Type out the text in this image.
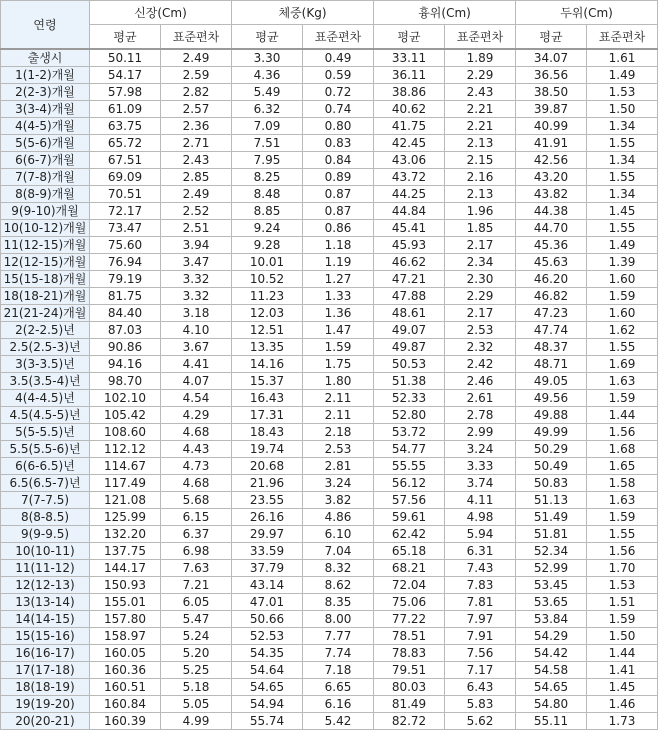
연령	신장(Cm)		체중(Kg)		흉위(Cm)		두위(Cm)	
	평균	표준편차	평균	표준편차	평균	표준편차	평균	표준편차
출생시	50.11	2.49	3.30	0.49	33.11	1.89	34.07	1.61
1(1-2)개월	54.17	2.59	4.36	0.59	36.11	2.29	36.56	1.49
2(2-3)개월	57.98	2.82	5.49	0.72	38.86	2.43	38.50	1.53
3(3-4)개월	61.09	2.57	6.32	0.74	40.62	2.21	39.87	1.50
4(4-5)개월	63.75	2.36	7.09	0.80	41.75	2.21	40.99	1.34
5(5-6)개월	65.72	2.71	7.51	0.83	42.45	2.13	41.91	1.55
6(6-7)개월	67.51	2.43	7.95	0.84	43.06	2.15	42.56	1.34
7(7-8)개월	69.09	2.85	8.25	0.89	43.72	2.16	43.20	1.55
8(8-9)개월	70.51	2.49	8.48	0.87	44.25	2.13	43.82	1.34
9(9-10)개월	72.17	2.52	8.85	0.87	44.84	1.96	44.38	1.45
10(10-12)개월	73.47	2.51	9.24	0.86	45.41	1.85	44.70	1.55
11(12-15)개월	75.60	3.94	9.28	1.18	45.93	2.17	45.36	1.49
12(12-15)개월	76.94	3.47	10.01	1.19	46.62	2.34	45.63	1.39
15(15-18)개월	79.19	3.32	10.52	1.27	47.21	2.30	46.20	1.60
18(18-21)개월	81.75	3.32	11.23	1.33	47.88	2.29	46.82	1.59
21(21-24)개월	84.40	3.18	12.03	1.36	48.61	2.17	47.23	1.60
2(2-2.5)년	87.03	4.10	12.51	1.47	49.07	2.53	47.74	1.62
2.5(2.5-3)년	90.86	3.67	13.35	1.59	49.87	2.32	48.37	1.55
3(3-3.5)년	94.16	4.41	14.16	1.75	50.53	2.42	48.71	1.69
3.5(3.5-4)년	98.70	4.07	15.37	1.80	51.38	2.46	49.05	1.63
4(4-4.5)년	102.10	4.54	16.43	2.11	52.33	2.61	49.56	1.59
4.5(4.5-5)년	105.42	4.29	17.31	2.11	52.80	2.78	49.88	1.44
5(5-5.5)년	108.60	4.68	18.43	2.18	53.72	2.99	49.99	1.56
5.5(5.5-6)년	112.12	4.43	19.74	2.53	54.77	3.24	50.29	1.68
6(6-6.5)년	114.67	4.73	20.68	2.81	55.55	3.33	50.49	1.65
6.5(6.5-7)년	117.49	4.68	21.96	3.24	56.12	3.74	50.83	1.58
7(7-7.5)	121.08	5.68	23.55	3.82	57.56	4.11	51.13	1.63
8(8-8.5)	125.99	6.15	26.16	4.86	59.61	4.98	51.49	1.59
9(9-9.5)	132.20	6.37	29.97	6.10	62.42	5.94	51.81	1.55
10(10-11)	137.75	6.98	33.59	7.04	65.18	6.31	52.34	1.56
11(11-12)	144.17	7.63	37.79	8.32	68.21	7.43	52.99	1.70
12(12-13)	150.93	7.21	43.14	8.62	72.04	7.83	53.45	1.53
13(13-14)	155.01	6.05	47.01	8.35	75.06	7.81	53.65	1.51
14(14-15)	157.80	5.47	50.66	8.00	77.22	7.97	53.84	1.59
15(15-16)	158.97	5.24	52.53	7.77	78.51	7.91	54.29	1.50
16(16-17)	160.05	5.20	54.35	7.74	78.83	7.56	54.42	1.44
17(17-18)	160.36	5.25	54.64	7.18	79.51	7.17	54.58	1.41
18(18-19)	160.51	5.18	54.65	6.65	80.03	6.43	54.65	1.45
19(19-20)	160.84	5.05	54.94	6.16	81.49	5.83	54.80	1.46
20(20-21)	160.39	4.99	55.74	5.42	82.72	5.62	55.11	1.73
